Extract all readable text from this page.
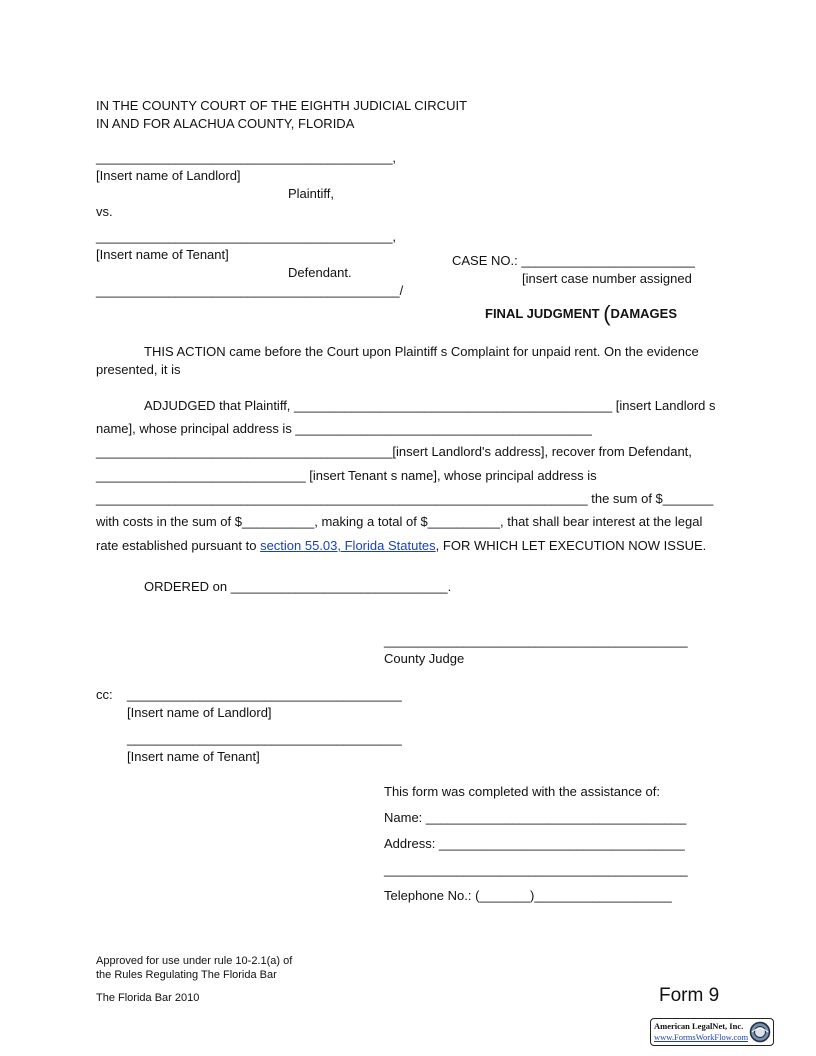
IN THE COUNTY COURT OF THE EIGHTH JUDICIAL CIRCUIT
IN AND FOR ALACHUA COUNTY, FLORIDA
_________________________________________,
[Insert name of Landlord]
Plaintiff,
vs.
_________________________________________,
[Insert name of Tenant]
Defendant.
__________________________________________/
CASE NO.: ________________________
[insert case number assigned
FINAL JUDGMENT (DAMAGES
THIS ACTION came before the Court upon Plaintiff s Complaint for unpaid rent. On the evidence
presented, it is
ADJUDGED that Plaintiff, ____________________________________________ [insert Landlord s
name], whose principal address is _________________________________________
_________________________________________[insert Landlord's address], recover from Defendant,
_____________________________ [insert Tenant s name], whose principal address is
____________________________________________________________________ the sum of $_______
with costs in the sum of $__________, making a total of $__________, that shall bear interest at the legal
rate established pursuant to section 55.03, Florida Statutes, FOR WHICH LET EXECUTION NOW ISSUE.
ORDERED on ______________________________.
__________________________________________
County Judge
cc: ______________________________________
[Insert name of Landlord]
______________________________________
[Insert name of Tenant]
This form was completed with the assistance of:
Name: ____________________________________
Address: __________________________________
__________________________________________
Telephone No.: (_______)___________________
Approved for use under rule 10-2.1(a) of
the Rules Regulating The Florida Bar
The Florida Bar 2010	Form 9
American LegalNet, Inc.
www.FormsWorkFlow.com
